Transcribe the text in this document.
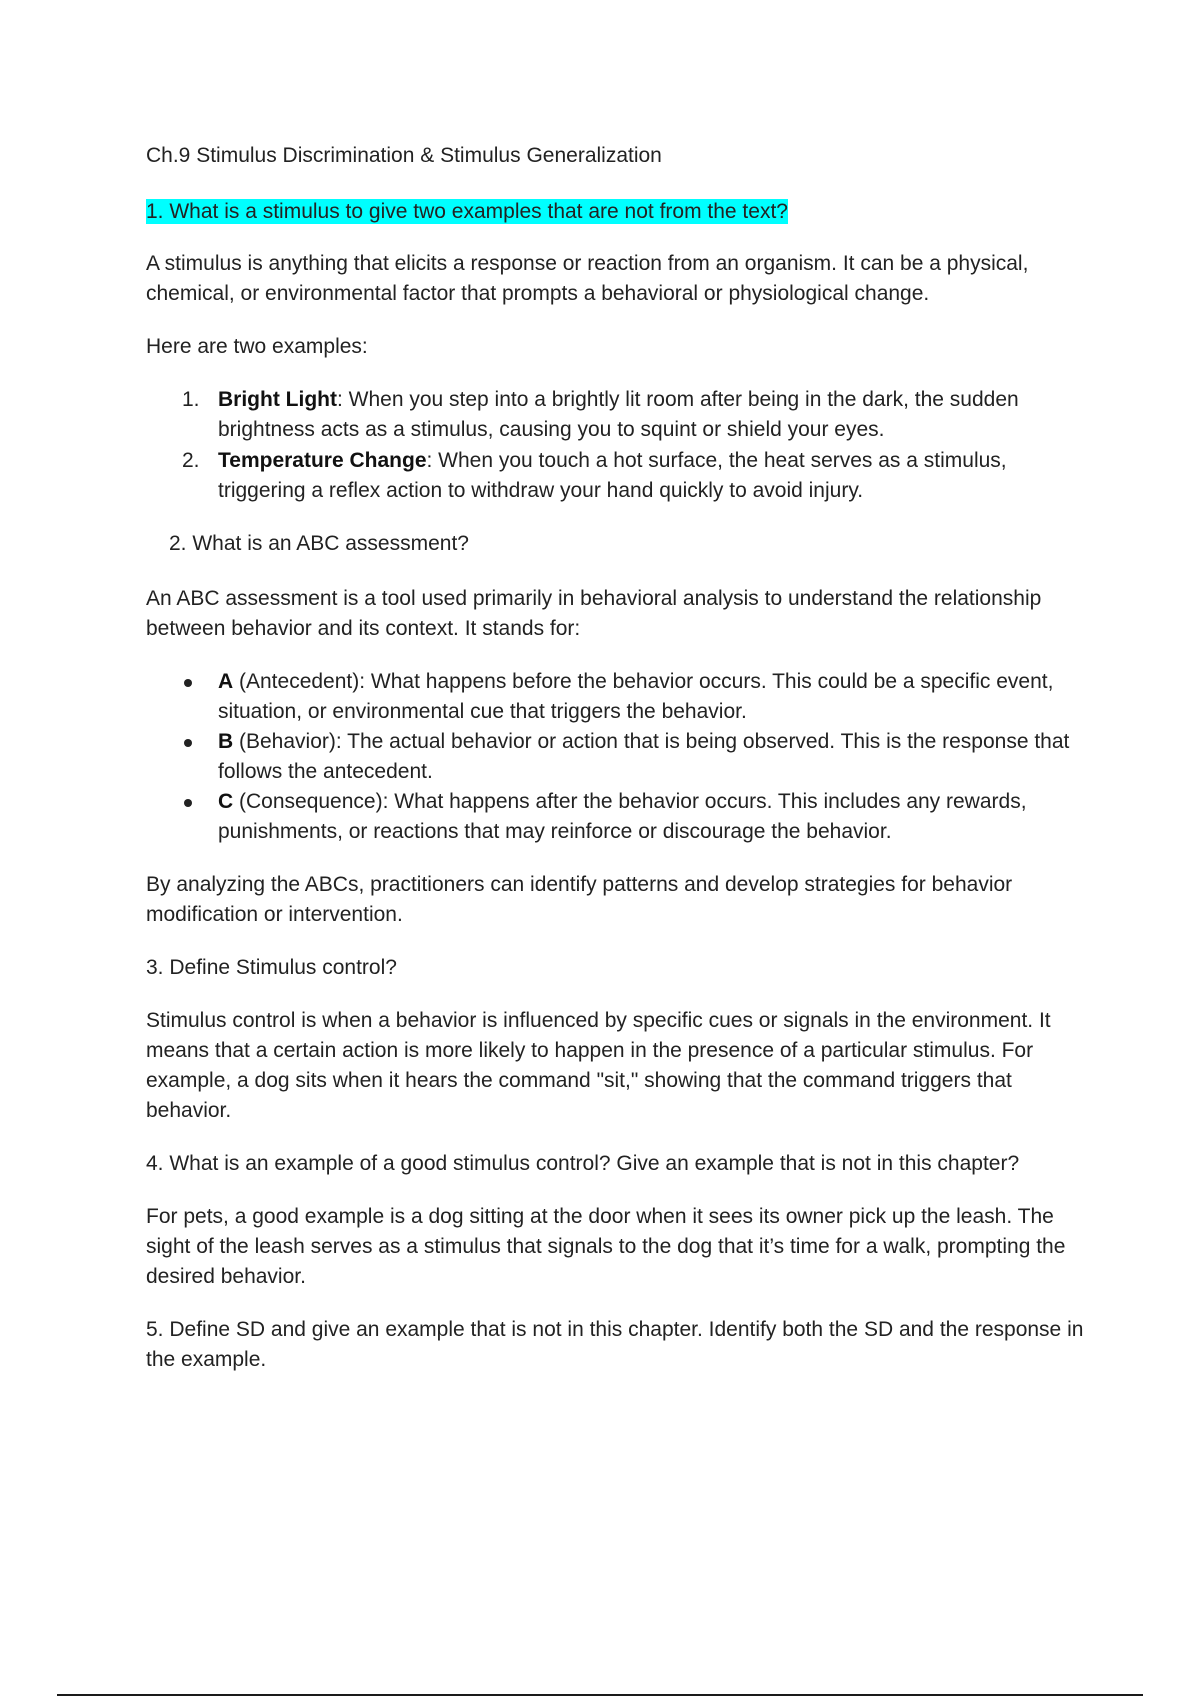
Ch.9 Stimulus Discrimination & Stimulus Generalization

1. What is a stimulus to give two examples that are not from the text?

A stimulus is anything that elicits a response or reaction from an organism. It can be a physical, chemical, or environmental factor that prompts a behavioral or physiological change.

Here are two examples:

1. Bright Light: When you step into a brightly lit room after being in the dark, the sudden brightness acts as a stimulus, causing you to squint or shield your eyes.
2. Temperature Change: When you touch a hot surface, the heat serves as a stimulus, triggering a reflex action to withdraw your hand quickly to avoid injury.

2. What is an ABC assessment?

An ABC assessment is a tool used primarily in behavioral analysis to understand the relationship between behavior and its context. It stands for:

A (Antecedent): What happens before the behavior occurs. This could be a specific event, situation, or environmental cue that triggers the behavior.
B (Behavior): The actual behavior or action that is being observed. This is the response that follows the antecedent.
C (Consequence): What happens after the behavior occurs. This includes any rewards, punishments, or reactions that may reinforce or discourage the behavior.

By analyzing the ABCs, practitioners can identify patterns and develop strategies for behavior modification or intervention.

3. Define Stimulus control?

Stimulus control is when a behavior is influenced by specific cues or signals in the environment. It means that a certain action is more likely to happen in the presence of a particular stimulus. For example, a dog sits when it hears the command "sit," showing that the command triggers that behavior.

4. What is an example of a good stimulus control? Give an example that is not in this chapter?

For pets, a good example is a dog sitting at the door when it sees its owner pick up the leash. The sight of the leash serves as a stimulus that signals to the dog that it’s time for a walk, prompting the desired behavior.

5. Define SD and give an example that is not in this chapter. Identify both the SD and the response in the example.
